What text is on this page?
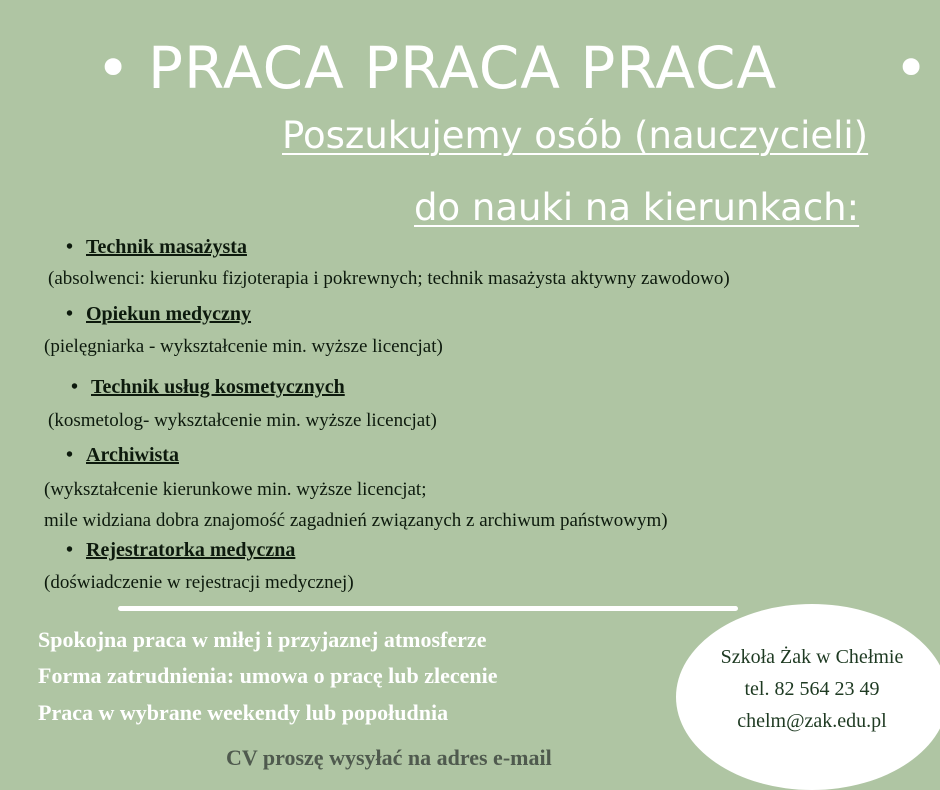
• PRACA PRACA PRACA •
Poszukujemy osób (nauczycieli)
do nauki na kierunkach:
• Technik masażysta
(absolwenci: kierunku fizjoterapia i pokrewnych; technik masażysta aktywny zawodowo)
• Opiekun medyczny
(pielęgniarka - wykształcenie min. wyższe licencjat)
• Technik usług kosmetycznych
(kosmetolog- wykształcenie min. wyższe licencjat)
• Archiwista
(wykształcenie kierunkowe min. wyższe licencjat;
mile widziana dobra znajomość zagadnień związanych z archiwum państwowym)
• Rejestratorka medyczna
(doświadczenie w rejestracji medycznej)
Spokojna praca w miłej i przyjaznej atmosferze
Forma zatrudnienia: umowa o pracę lub zlecenie
Praca w wybrane weekendy lub popołudnia
CV proszę wysyłać na adres e-mail
Szkoła Żak w Chełmie
tel. 82 564 23 49
chelm@zak.edu.pl
